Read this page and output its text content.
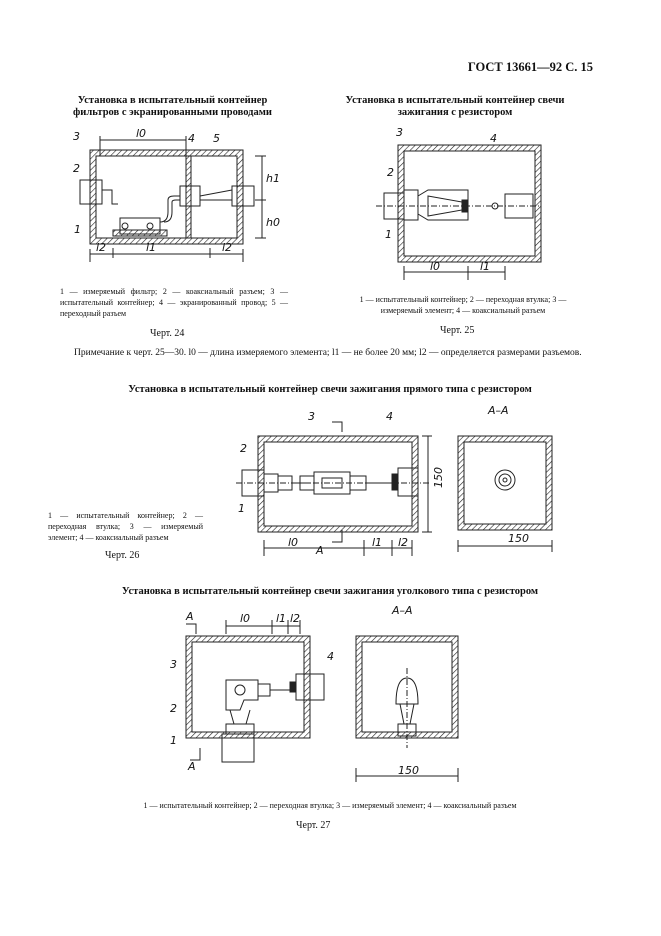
ГОСТ 13661—92 С. 15
Установка в испытательный контейнер фильтров с экранированными проводами
1 — измеряемый фильтр; 2 — коаксиальный разъем; 3 — испытательный контейнер; 4 — экранированный провод; 5 — переходный разъем
Черт. 24
Установка в испытательный контейнер свечи зажигания с резистором
1 — испытательный контейнер; 2 — переходная втулка; 3 — измеряемый элемент; 4 — коаксиальный разъем
Черт. 25
Примечание к черт. 25—30. l0 — длина измеряемого элемента; l1 — не более 20 мм; l2 — определяется размерами разъемов.
Установка в испытательный контейнер свечи зажигания прямого типа с резистором
1 — испытательный контейнер; 2 — переходная втулка; 3 — измеряемый элемент; 4 — коаксиальный разъем
Черт. 26
Установка в испытательный контейнер свечи зажигания уголкового типа с резистором
1 — испытательный контейнер; 2 — переходная втулка; 3 — измеряемый элемент; 4 — коаксиальный разъем
Черт. 27
3
2
1
4 5
l0
l1
l2	l2
h1
h0
3
2
1
4
l0	l1
2
1
3	4
l0
A
l1 l2
A–A
150
150
A
A
3
2
1
4
l0 l1 l2
A–A
150
